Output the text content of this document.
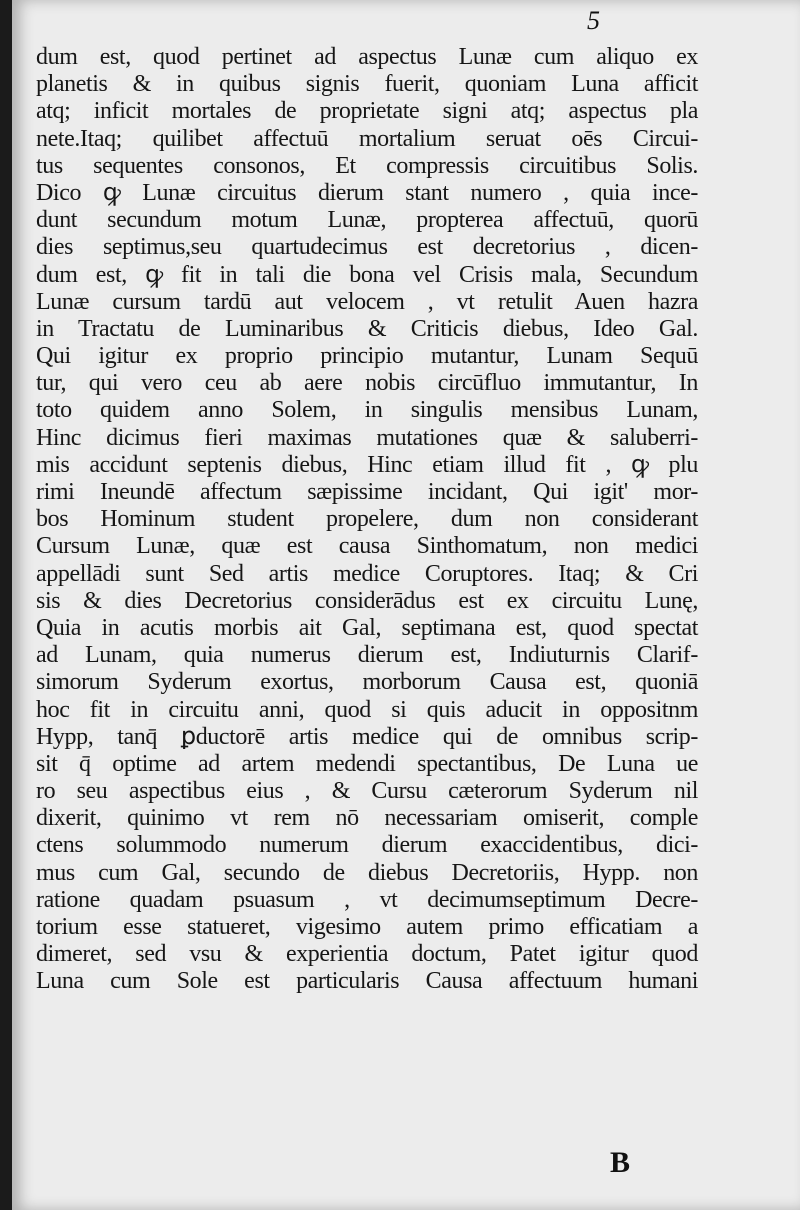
5
dum est, quod pertinet ad aspectus Lunæ cum aliquo ex
planetis & in quibus signis fuerit, quoniam Luna afficit
atq; inficit mortales de proprietate signi atq; aspectus pla
nete.Itaq; quilibet affectuū mortalium seruat oēs Circui-
tus sequentes consonos, Et compressis circuitibus Solis.
Dico ꝙ Lunæ circuitus dierum stant numero , quia ince-
dunt secundum motum Lunæ, propterea affectuū, quorū
dies septimus,seu quartudecimus est decretorius , dicen-
dum est, ꝙ fit in tali die bona vel Crisis mala, Secundum
Lunæ cursum tardū aut velocem , vt retulit Auen hazra
in Tractatu de Luminaribus & Criticis diebus, Ideo Gal.
Qui igitur ex proprio principio mutantur, Lunam Sequū
tur, qui vero ceu ab aere nobis circūfluo immutantur, In
toto quidem anno Solem, in singulis mensibus Lunam,
Hinc dicimus fieri maximas mutationes quæ & saluberri-
mis accidunt septenis diebus, Hinc etiam illud fit , ꝙ plu
rimi Ineundē affectum sæpissime incidant, Qui igit' mor-
bos Hominum student propelere, dum non considerant
Cursum Lunæ, quæ est causa Sinthomatum, non medici
appellādi sunt Sed artis medice Coruptores. Itaq; & Cri
sis & dies Decretorius considerādus est ex circuitu Lunę,
Quia in acutis morbis ait Gal, septimana est, quod spectat
ad Lunam, quia numerus dierum est, Indiuturnis Clarif-
simorum Syderum exortus, morborum Causa est, quoniā
hoc fit in circuitu anni, quod si quis aducit in oppositnm
Hypp, tanq̄ ꝑductorē artis medice qui de omnibus scrip-
sit q̄ optime ad artem medendi spectantibus, De Luna ue
ro seu aspectibus eius , & Cursu cæterorum Syderum nil
dixerit, quinimo vt rem nō necessariam omiserit, comple
ctens solummodo numerum dierum exaccidentibus, dici-
mus cum Gal, secundo de diebus Decretoriis, Hypp. non
ratione quadam psuasum , vt decimumseptimum Decre-
torium esse statueret, vigesimo autem primo efficatiam a
dimeret, sed vsu & experientia doctum, Patet igitur quod
Luna cum Sole est particularis Causa affectuum humani
B
